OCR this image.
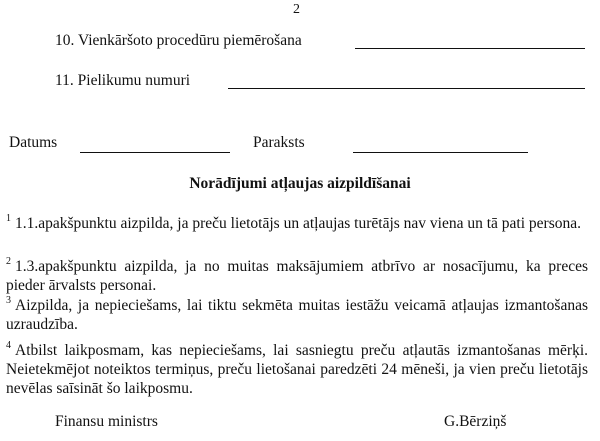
2
10. Vienkāršoto procedūru piemērošana
11. Pielikumu numuri
Datums	Paraksts
Norādījumi atļaujas aizpildīšanai
$^1$ 1.1.apakšpunktu aizpilda, ja preču lietotājs un atļaujas turētājs nav viena un tā pati persona.
$^2$ 1.3.apakšpunktu aizpilda, ja no muitas maksājumiem atbrīvo ar nosacījumu, ka preces pieder ārvalsts personai.
$^3$ Aizpilda, ja nepieciešams, lai tiktu sekmēta muitas iestāžu veicamā atļaujas izmantošanas uzraudzība.
$^4$ Atbilst laikposmam, kas nepieciešams, lai sasniegtu preču atļautās izmantošanas mērķi. Neietekmējot noteiktos termiņus, preču lietošanai paredzēti 24 mēneši, ja vien preču lietotājs nevēlas saīsināt šo laikposmu.
Finansu ministrs	G.Bērziņš
